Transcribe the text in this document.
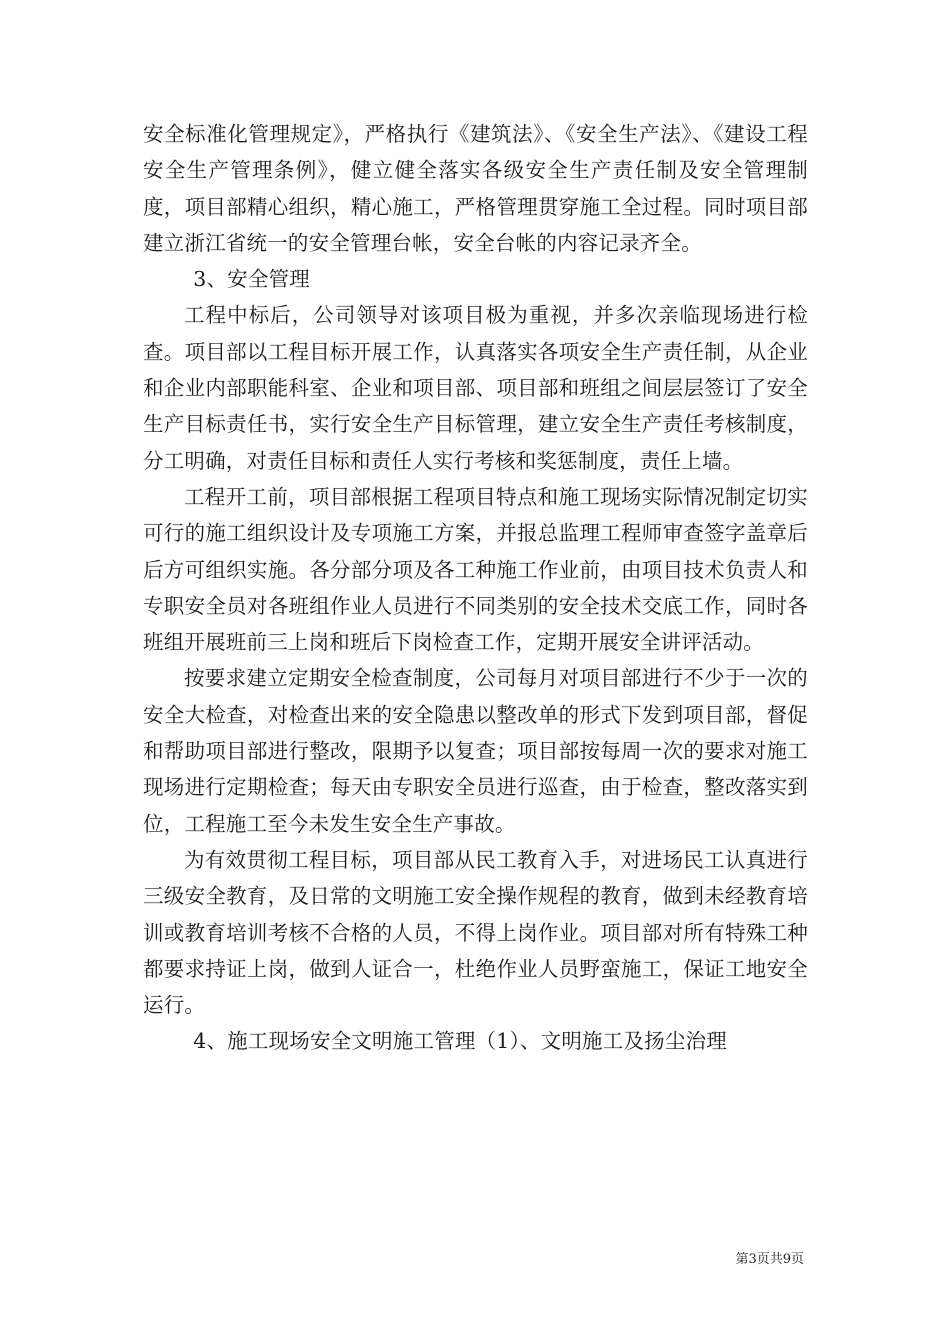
安全标准化管理规定》，严格执行《建筑法》、《安全生产法》、《建设工程安全生产管理条例》，健立健全落实各级安全生产责任制及安全管理制度，项目部精心组织，精心施工，严格管理贯穿施工全过程。同时项目部建立浙江省统一的安全管理台帐，安全台帐的内容记录齐全。

3、安全管理

工程中标后，公司领导对该项目极为重视，并多次亲临现场进行检查。项目部以工程目标开展工作，认真落实各项安全生产责任制，从企业和企业内部职能科室、企业和项目部、项目部和班组之间层层签订了安全生产目标责任书，实行安全生产目标管理，建立安全生产责任考核制度，分工明确，对责任目标和责任人实行考核和奖惩制度，责任上墙。

工程开工前，项目部根据工程项目特点和施工现场实际情况制定切实可行的施工组织设计及专项施工方案，并报总监理工程师审查签字盖章后后方可组织实施。各分部分项及各工种施工作业前，由项目技术负责人和专职安全员对各班组作业人员进行不同类别的安全技术交底工作，同时各班组开展班前三上岗和班后下岗检查工作，定期开展安全讲评活动。

按要求建立定期安全检查制度，公司每月对项目部进行不少于一次的安全大检查，对检查出来的安全隐患以整改单的形式下发到项目部，督促和帮助项目部进行整改，限期予以复查；项目部按每周一次的要求对施工现场进行定期检查；每天由专职安全员进行巡查，由于检查，整改落实到位，工程施工至今未发生安全生产事故。

为有效贯彻工程目标，项目部从民工教育入手，对进场民工认真进行三级安全教育，及日常的文明施工安全操作规程的教育，做到未经教育培训或教育培训考核不合格的人员，不得上岗作业。项目部对所有特殊工种都要求持证上岗，做到人证合一，杜绝作业人员野蛮施工，保证工地安全运行。

4、施工现场安全文明施工管理（1）、文明施工及扬尘治理

第3页共9页
